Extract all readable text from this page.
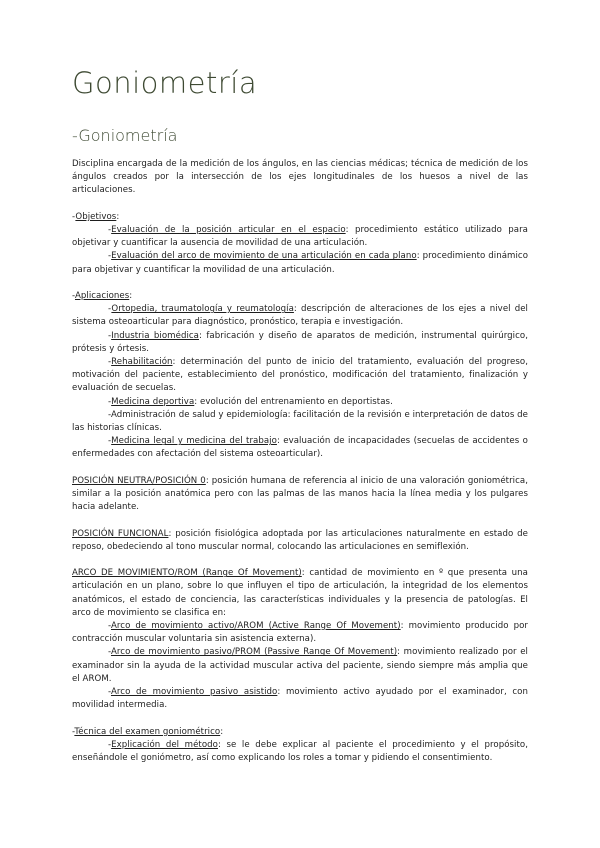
Goniometría
-Goniometría

Disciplina encargada de la medición de los ángulos, en las ciencias médicas; técnica de medición de los ángulos creados por la intersección de los ejes longitudinales de los huesos a nivel de las articulaciones.

-Objetivos:

-Evaluación de la posición articular en el espacio: procedimiento estático utilizado para objetivar y cuantificar la ausencia de movilidad de una articulación.

-Evaluación del arco de movimiento de una articulación en cada plano: procedimiento dinámico para objetivar y cuantificar la movilidad de una articulación.

-Aplicaciones:

-Ortopedia, traumatología y reumatología: descripción de alteraciones de los ejes a nivel del sistema osteoarticular para diagnóstico, pronóstico, terapia e investigación.

-Industria biomédica: fabricación y diseño de aparatos de medición, instrumental quirúrgico, prótesis y órtesis.

-Rehabilitación: determinación del punto de inicio del tratamiento, evaluación del progreso, motivación del paciente, establecimiento del pronóstico, modificación del tratamiento, finalización y evaluación de secuelas.

-Medicina deportiva: evolución del entrenamiento en deportistas.

-Administración de salud y epidemiología: facilitación de la revisión e interpretación de datos de las historias clínicas.

-Medicina legal y medicina del trabajo: evaluación de incapacidades (secuelas de accidentes o enfermedades con afectación del sistema osteoarticular).

POSICIÓN NEUTRA/POSICIÓN 0: posición humana de referencia al inicio de una valoración goniométrica, similar a la posición anatómica pero con las palmas de las manos hacia la línea media y los pulgares hacia adelante.

POSICIÓN FUNCIONAL: posición fisiológica adoptada por las articulaciones naturalmente en estado de reposo, obedeciendo al tono muscular normal, colocando las articulaciones en semiflexión.

ARCO DE MOVIMIENTO/ROM (Range Of Movement): cantidad de movimiento en º que presenta una articulación en un plano, sobre lo que influyen el tipo de articulación, la integridad de los elementos anatómicos, el estado de conciencia, las características individuales y la presencia de patologías. El arco de movimiento se clasifica en:

-Arco de movimiento activo/AROM (Active Range Of Movement): movimiento producido por contracción muscular voluntaria sin asistencia externa).

-Arco de movimiento pasivo/PROM (Passive Range Of Movement): movimiento realizado por el examinador sin la ayuda de la actividad muscular activa del paciente, siendo siempre más amplia que el AROM.

-Arco de movimiento pasivo asistido: movimiento activo ayudado por el examinador, con movilidad intermedia.

-Técnica del examen goniométrico:

-Explicación del método: se le debe explicar al paciente el procedimiento y el propósito, enseñándole el goniómetro, así como explicando los roles a tomar y pidiendo el consentimiento.
